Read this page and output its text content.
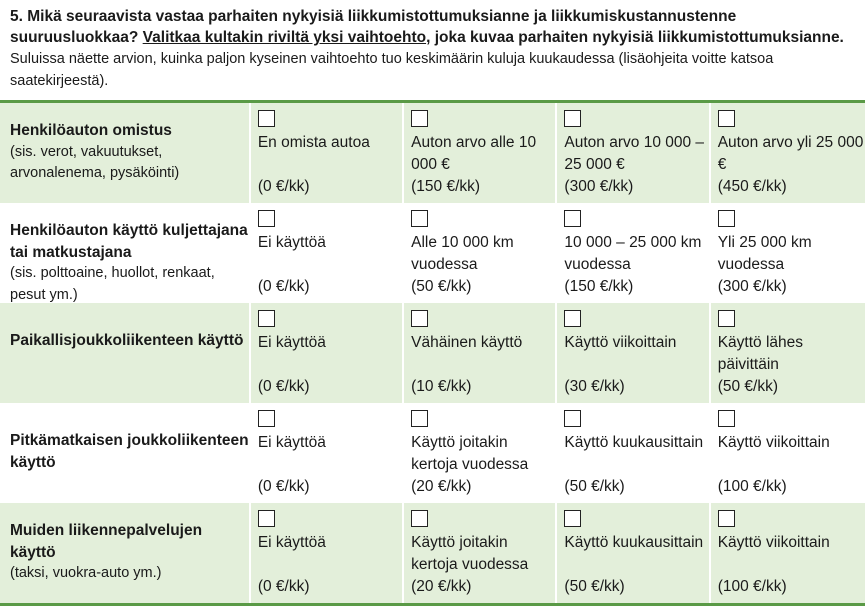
5. Mikä seuraavista vastaa parhaiten nykyisiä liikkumistottumuksianne ja liikkumiskustannustenne suuruusluokkaa? Valitkaa kultakin riviltä yksi vaihtoehto, joka kuvaa parhaiten nykyisiä liikkumistottumuksianne. Suluissa näette arvion, kuinka paljon kyseinen vaihtoehto tuo keskimäärin kuluja kuukaudessa (lisäohjeita voitte katsoa saatekirjeestä).
Henkilöauton omistus
(sis. verot, vakuutukset, arvonalenema, pysäköinti)
En omista autoa
(0 €/kk)
Auton arvo alle 10 000 €
(150 €/kk)
Auton arvo 10 000 – 25 000 €
(300 €/kk)
Auton arvo yli 25 000 €
(450 €/kk)
Henkilöauton käyttö kuljettajana tai matkustajana
(sis. polttoaine, huollot, renkaat, pesut ym.)
Ei käyttöä
(0 €/kk)
Alle 10 000 km vuodessa
(50 €/kk)
10 000 – 25 000 km vuodessa
(150 €/kk)
Yli 25 000 km vuodessa
(300 €/kk)
Paikallisjoukkoliikenteen käyttö Ei käyttöä
(0 €/kk)
Vähäinen käyttö
(10 €/kk)
Käyttö viikoittain
(30 €/kk)
Käyttö lähes päivittäin
(50 €/kk)
Pitkämatkaisen joukkoliikenteen käyttö
Ei käyttöä
(0 €/kk)
Käyttö joitakin kertoja vuodessa
(20 €/kk)
Käyttö kuukausittain
(50 €/kk)
Käyttö viikoittain
(100 €/kk)
Muiden liikennepalvelujen käyttö
(taksi, vuokra-auto ym.)
Ei käyttöä
(0 €/kk)
Käyttö joitakin kertoja vuodessa
(20 €/kk)
Käyttö kuukausittain
(50 €/kk)
Käyttö viikoittain
(100 €/kk)
